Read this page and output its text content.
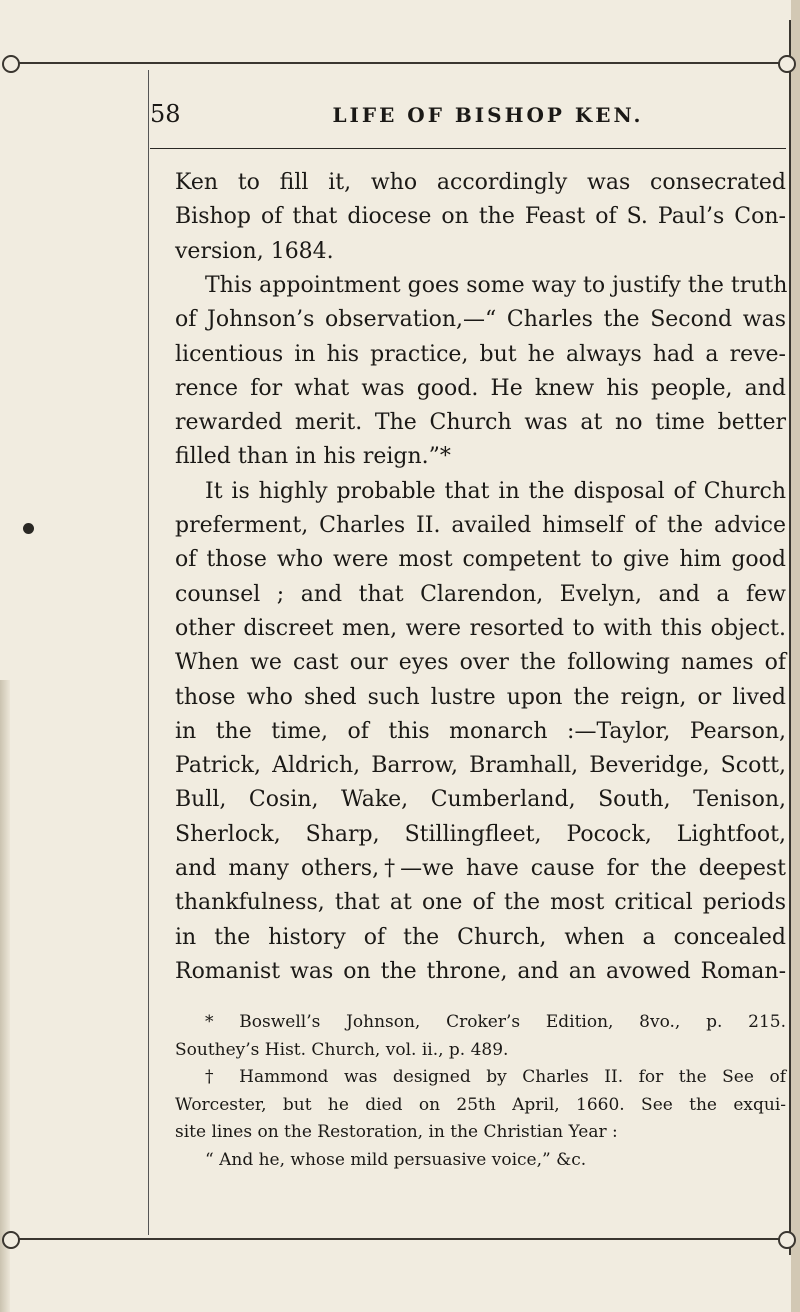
58	LIFE OF BISHOP KEN.
Ken to fill it, who accordingly was consecrated
Bishop of that diocese on the Feast of S. Paul’s Con-
version, 1684.
This appointment goes some way to justify the truth
of Johnson’s observation,—“ Charles the Second was
licentious in his practice, but he always had a reve-
rence for what was good. He knew his people, and
rewarded merit. The Church was at no time better
filled than in his reign.”*
It is highly probable that in the disposal of Church
preferment, Charles II. availed himself of the advice
of those who were most competent to give him good
counsel ; and that Clarendon, Evelyn, and a few
other discreet men, were resorted to with this object.
When we cast our eyes over the following names of
those who shed such lustre upon the reign, or lived
in the time, of this monarch :—Taylor, Pearson,
Patrick, Aldrich, Barrow, Bramhall, Beveridge, Scott,
Bull, Cosin, Wake, Cumberland, South, Tenison,
Sherlock, Sharp, Stillingfleet, Pocock, Lightfoot,
and many others,†—we have cause for the deepest
thankfulness, that at one of the most critical periods
in the history of the Church, when a concealed
Romanist was on the throne, and an avowed Roman-
* Boswell’s Johnson, Croker’s Edition, 8vo., p. 215.
Southey’s Hist. Church, vol. ii., p. 489.
† Hammond was designed by Charles II. for the See of
Worcester, but he died on 25th April, 1660. See the exqui-
site lines on the Restoration, in the Christian Year :
“ And he, whose mild persuasive voice,” &c.
